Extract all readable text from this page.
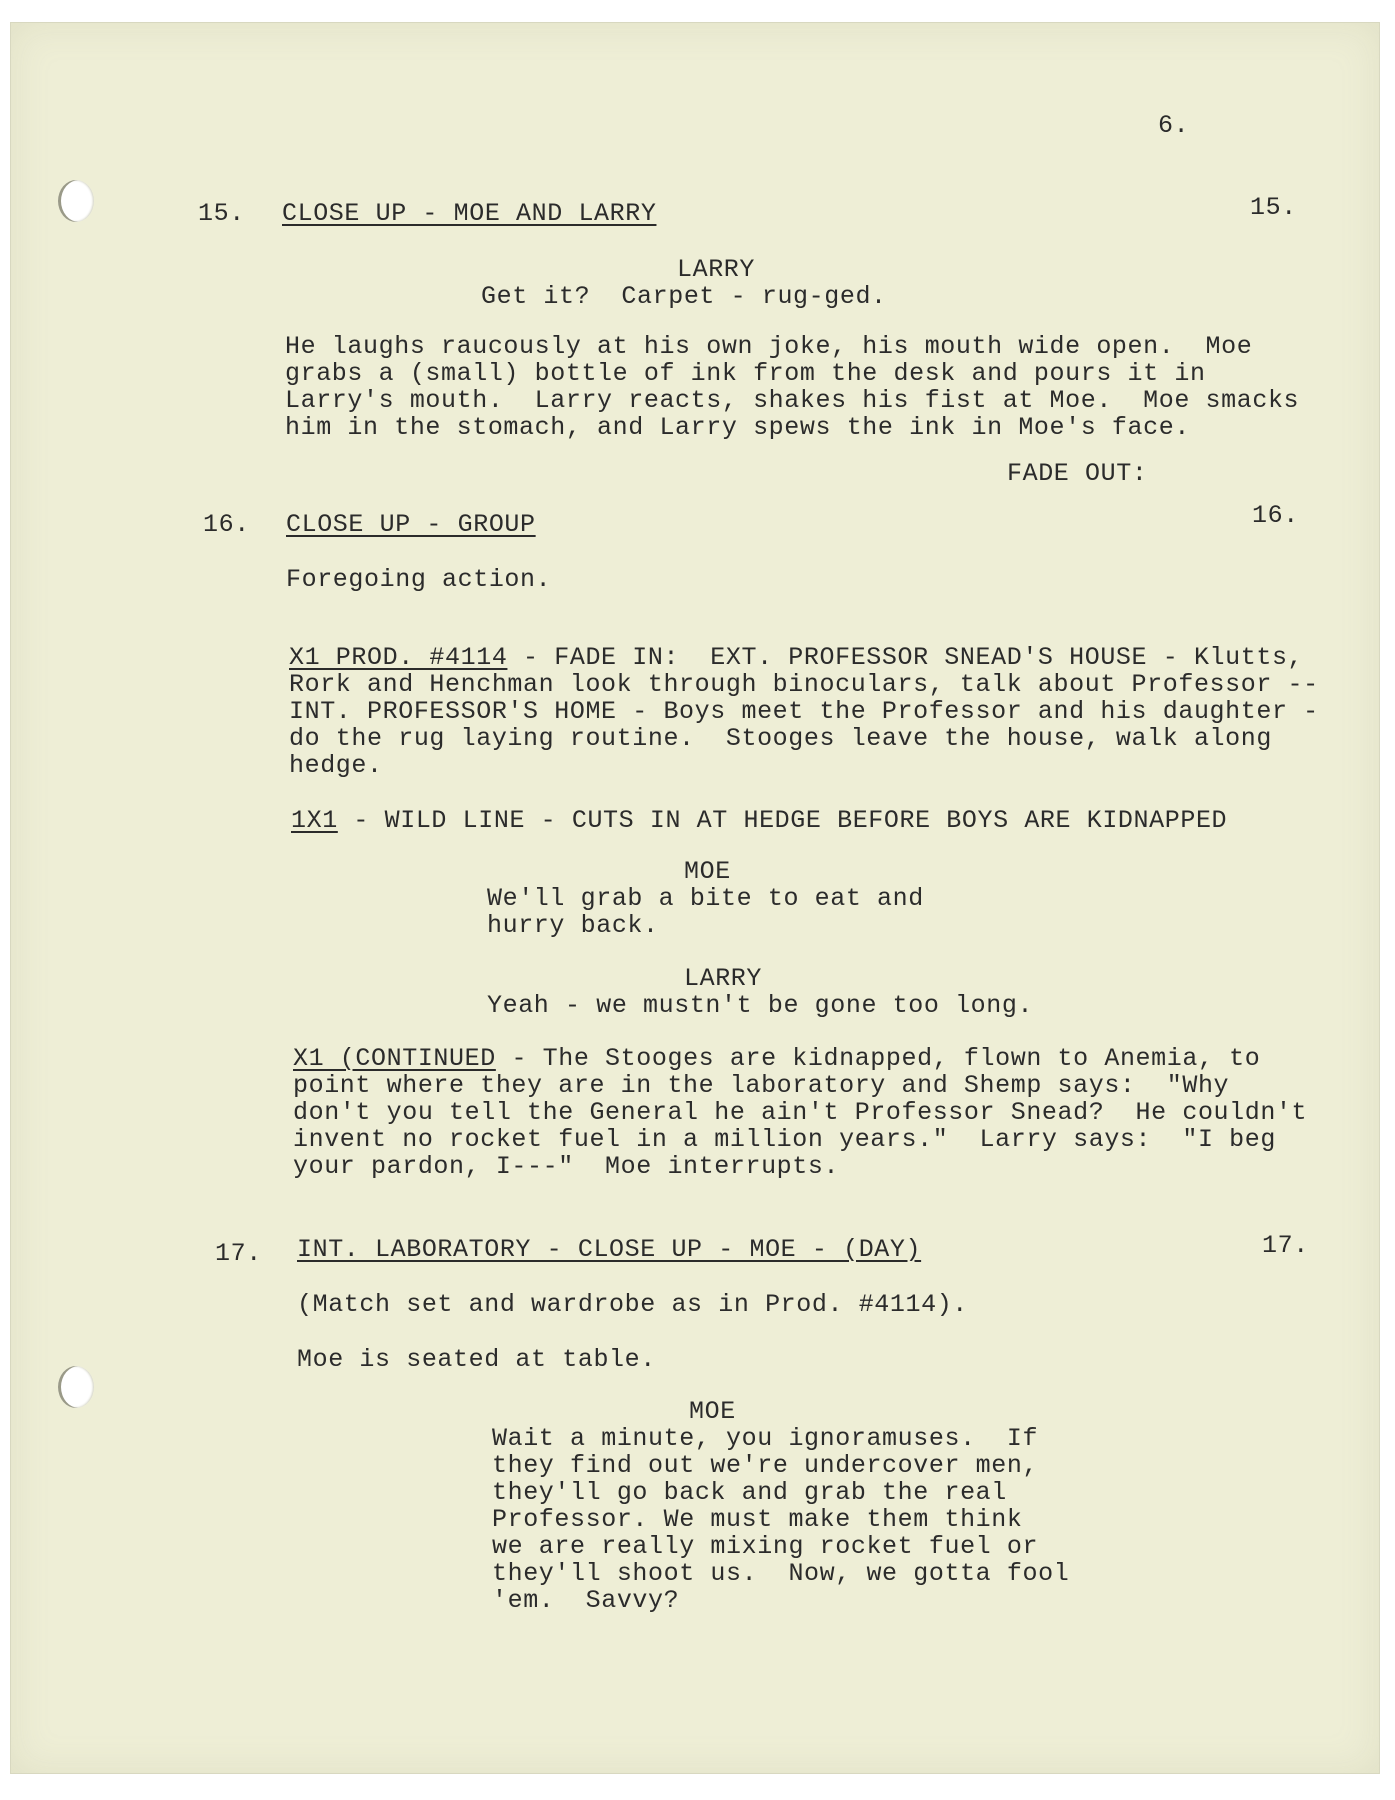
6.
15. CLOSE UP - MOE AND LARRY	15.
LARRY
Get it?  Carpet - rug-ged.
He laughs raucously at his own joke, his mouth wide open.  Moe
grabs a (small) bottle of ink from the desk and pours it in
Larry's mouth.  Larry reacts, shakes his fist at Moe.  Moe smacks
him in the stomach, and Larry spews the ink in Moe's face.
FADE OUT:
16. CLOSE UP - GROUP	16.
Foregoing action.
X1 PROD. #4114 - FADE IN:  EXT. PROFESSOR SNEAD'S HOUSE - Klutts,
Rork and Henchman look through binoculars, talk about Professor --
INT. PROFESSOR'S HOME - Boys meet the Professor and his daughter -
do the rug laying routine.  Stooges leave the house, walk along
hedge.
1X1 - WILD LINE - CUTS IN AT HEDGE BEFORE BOYS ARE KIDNAPPED
MOE
We'll grab a bite to eat and
hurry back.
LARRY
Yeah - we mustn't be gone too long.
X1 (CONTINUED - The Stooges are kidnapped, flown to Anemia, to
point where they are in the laboratory and Shemp says:  "Why
don't you tell the General he ain't Professor Snead?  He couldn't
invent no rocket fuel in a million years."  Larry says:  "I beg
your pardon, I---"  Moe interrupts.
17. INT. LABORATORY - CLOSE UP - MOE - (DAY)	17.
(Match set and wardrobe as in Prod. #4114).
Moe is seated at table.
MOE
Wait a minute, you ignoramuses.  If
they find out we're undercover men,
they'll go back and grab the real
Professor. We must make them think
we are really mixing rocket fuel or
they'll shoot us.  Now, we gotta fool
'em.  Savvy?
